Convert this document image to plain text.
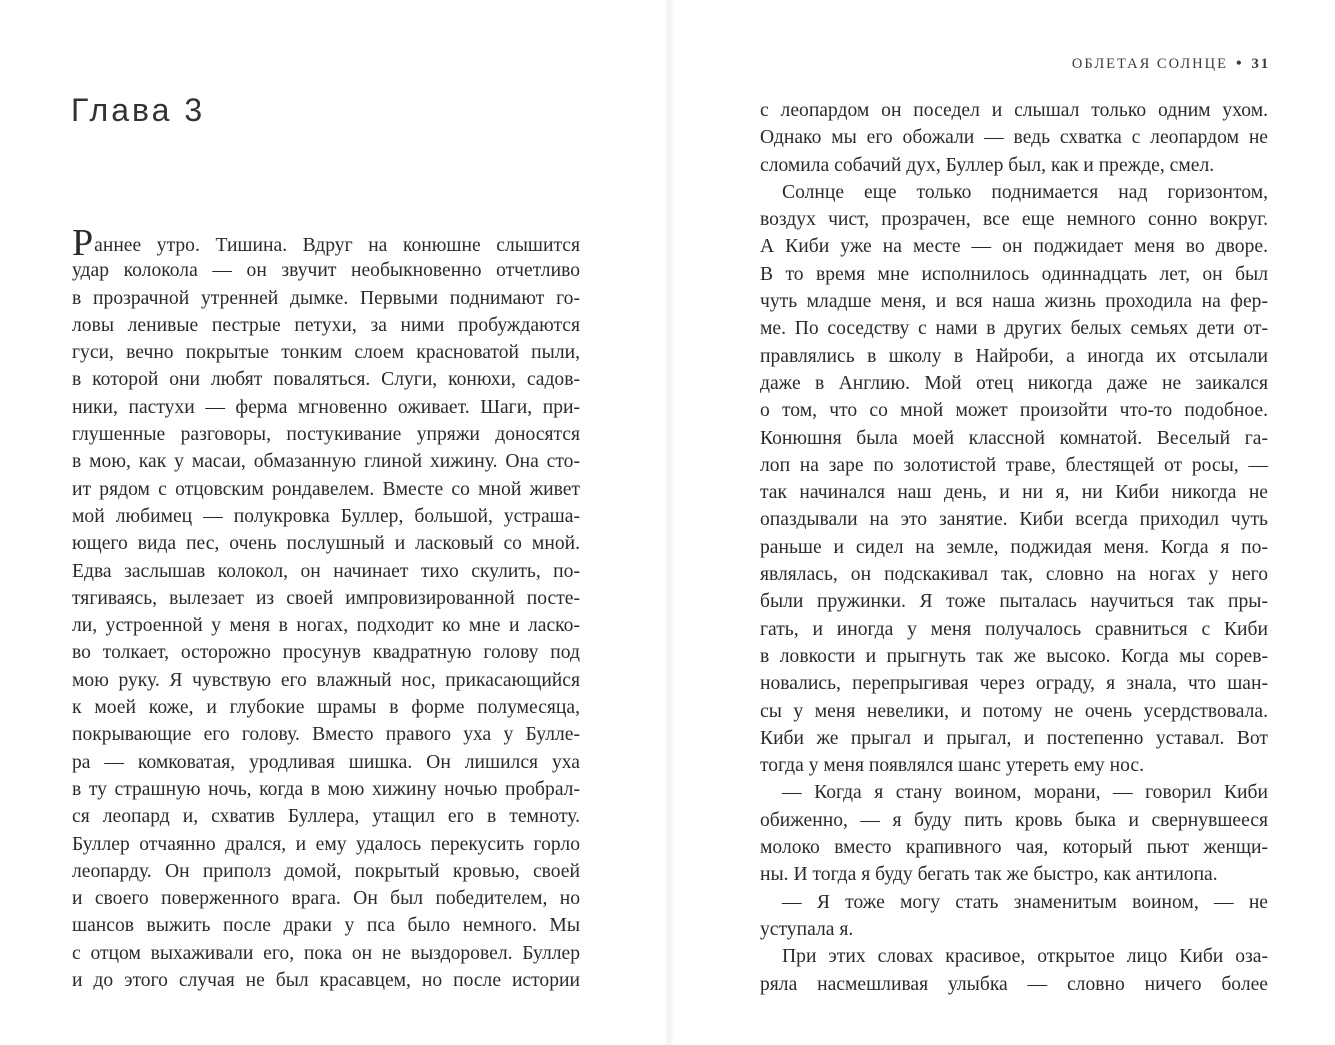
ОБЛЕТАЯ СОЛНЦЕ • 31
Глава 3
Раннее утро. Тишина. Вдруг на конюшне слышится
удар колокола — он звучит необыкновенно отчетливо
в прозрачной утренней дымке. Первыми поднимают го-
ловы ленивые пестрые петухи, за ними пробуждаются
гуси, вечно покрытые тонким слоем красноватой пыли,
в которой они любят поваляться. Слуги, конюхи, садов-
ники, пастухи — ферма мгновенно оживает. Шаги, при-
глушенные разговоры, постукивание упряжи доносятся
в мою, как у масаи, обмазанную глиной хижину. Она сто-
ит рядом с отцовским рондавелем. Вместе со мной живет
мой любимец — полукровка Буллер, большой, устраша-
ющего вида пес, очень послушный и ласковый со мной.
Едва заслышав колокол, он начинает тихо скулить, по-
тягиваясь, вылезает из своей импровизированной посте-
ли, устроенной у меня в ногах, подходит ко мне и ласко-
во толкает, осторожно просунув квадратную голову под
мою руку. Я чувствую его влажный нос, прикасающийся
к моей коже, и глубокие шрамы в форме полумесяца,
покрывающие его голову. Вместо правого уха у Булле-
ра — комковатая, уродливая шишка. Он лишился уха
в ту страшную ночь, когда в мою хижину ночью пробрал-
ся леопард и, схватив Буллера, утащил его в темноту.
Буллер отчаянно дрался, и ему удалось перекусить горло
леопарду. Он приполз домой, покрытый кровью, своей
и своего поверженного врага. Он был победителем, но
шансов выжить после драки у пса было немного. Мы
с отцом выхаживали его, пока он не выздоровел. Буллер
и до этого случая не был красавцем, но после истории
с леопардом он поседел и слышал только одним ухом.
Однако мы его обожали — ведь схватка с леопардом не
сломила собачий дух, Буллер был, как и прежде, смел.
Солнце еще только поднимается над горизонтом,
воздух чист, прозрачен, все еще немного сонно вокруг.
А Киби уже на месте — он поджидает меня во дворе.
В то время мне исполнилось одиннадцать лет, он был
чуть младше меня, и вся наша жизнь проходила на фер-
ме. По соседству с нами в других белых семьях дети от-
правлялись в школу в Найроби, а иногда их отсылали
даже в Англию. Мой отец никогда даже не заикался
о том, что со мной может произойти что-то подобное.
Конюшня была моей классной комнатой. Веселый га-
лоп на заре по золотистой траве, блестящей от росы, —
так начинался наш день, и ни я, ни Киби никогда не
опаздывали на это занятие. Киби всегда приходил чуть
раньше и сидел на земле, поджидая меня. Когда я по-
являлась, он подскакивал так, словно на ногах у него
были пружинки. Я тоже пыталась научиться так пры-
гать, и иногда у меня получалось сравниться с Киби
в ловкости и прыгнуть так же высоко. Когда мы сорев-
новались, перепрыгивая через ограду, я знала, что шан-
сы у меня невелики, и потому не очень усердствовала.
Киби же прыгал и прыгал, и постепенно уставал. Вот
тогда у меня появлялся шанс утереть ему нос.
— Когда я стану воином, морани, — говорил Киби
обиженно, — я буду пить кровь быка и свернувшееся
молоко вместо крапивного чая, который пьют женщи-
ны. И тогда я буду бегать так же быстро, как антилопа.
— Я тоже могу стать знаменитым воином, — не
уступала я.
При этих словах красивое, открытое лицо Киби оза-
ряла насмешливая улыбка — словно ничего более
